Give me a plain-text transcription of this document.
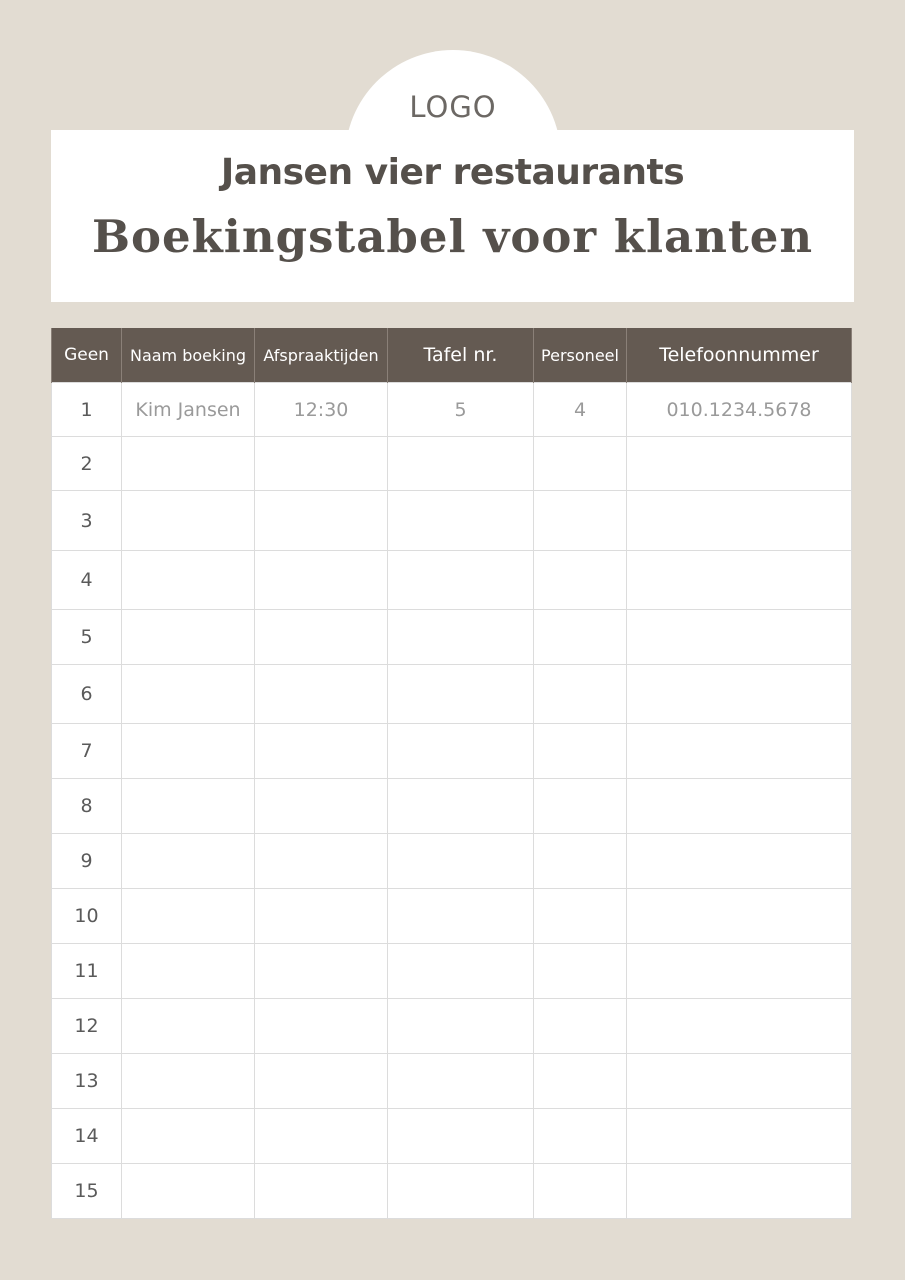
LOGO
Jansen vier restaurants
Boekingstabel voor klanten
Geen	Naam boeking	Afspraaktijden	Tafel nr.	Personeel	Telefoonnummer
1	Kim Jansen	12:30	5	4	010.1234.5678
2					
3					
4					
5					
6					
7					
8					
9					
10					
11					
12					
13					
14					
15					
